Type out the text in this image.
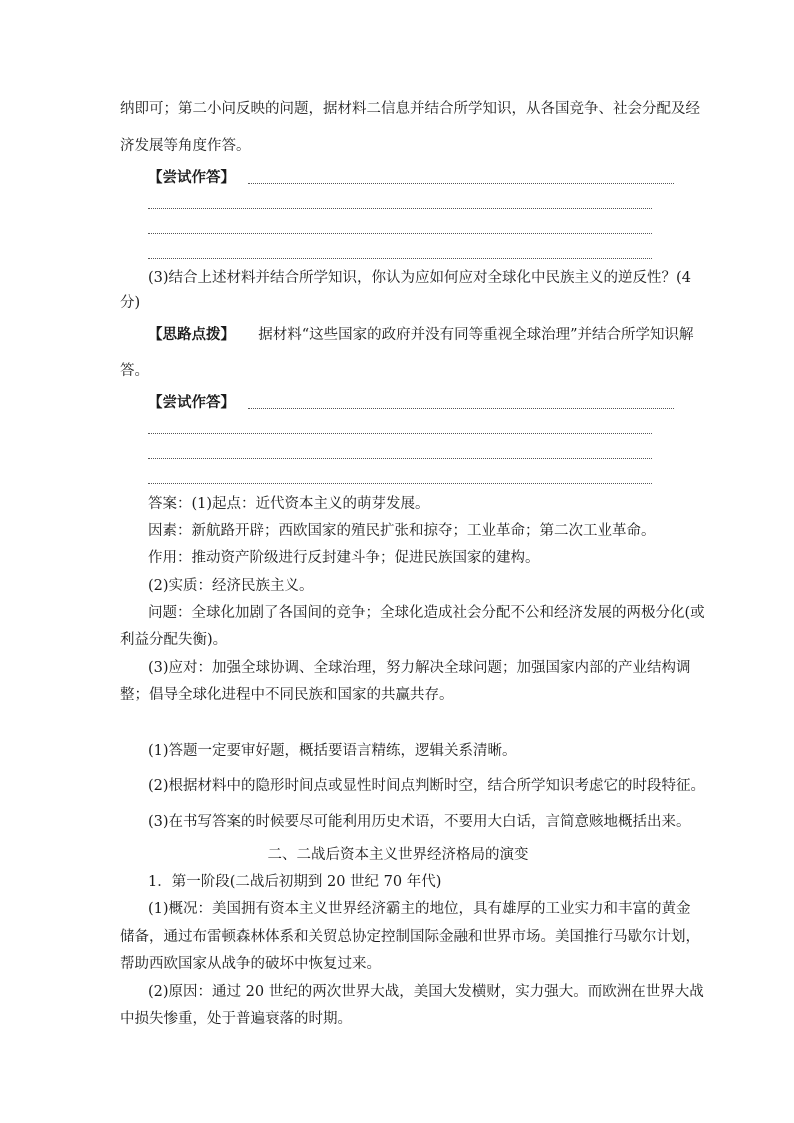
纳即可；第二小问反映的问题，据材料二信息并结合所学知识，从各国竞争、社会分配及经
济发展等角度作答。
【尝试作答】
(3)结合上述材料并结合所学知识，你认为应如何应对全球化中民族主义的逆反性？(4
分)
【思路点拨】 据材料“这些国家的政府并没有同等重视全球治理”并结合所学知识解
答。
【尝试作答】
答案：(1)起点：近代资本主义的萌芽发展。
因素：新航路开辟；西欧国家的殖民扩张和掠夺；工业革命；第二次工业革命。
作用：推动资产阶级进行反封建斗争；促进民族国家的建构。
(2)实质：经济民族主义。
问题：全球化加剧了各国间的竞争；全球化造成社会分配不公和经济发展的两极分化(或
利益分配失衡)。
(3)应对：加强全球协调、全球治理，努力解决全球问题；加强国家内部的产业结构调
整；倡导全球化进程中不同民族和国家的共赢共存。
(1)答题一定要审好题，概括要语言精练，逻辑关系清晰。
(2)根据材料中的隐形时间点或显性时间点判断时空，结合所学知识考虑它的时段特征。
(3)在书写答案的时候要尽可能利用历史术语，不要用大白话，言简意赅地概括出来。
二、二战后资本主义世界经济格局的演变
1．第一阶段(二战后初期到 20 世纪 70 年代)
(1)概况：美国拥有资本主义世界经济霸主的地位，具有雄厚的工业实力和丰富的黄金
储备，通过布雷顿森林体系和关贸总协定控制国际金融和世界市场。美国推行马歇尔计划，
帮助西欧国家从战争的破坏中恢复过来。
(2)原因：通过 20 世纪的两次世界大战，美国大发横财，实力强大。而欧洲在世界大战
中损失惨重，处于普遍衰落的时期。
